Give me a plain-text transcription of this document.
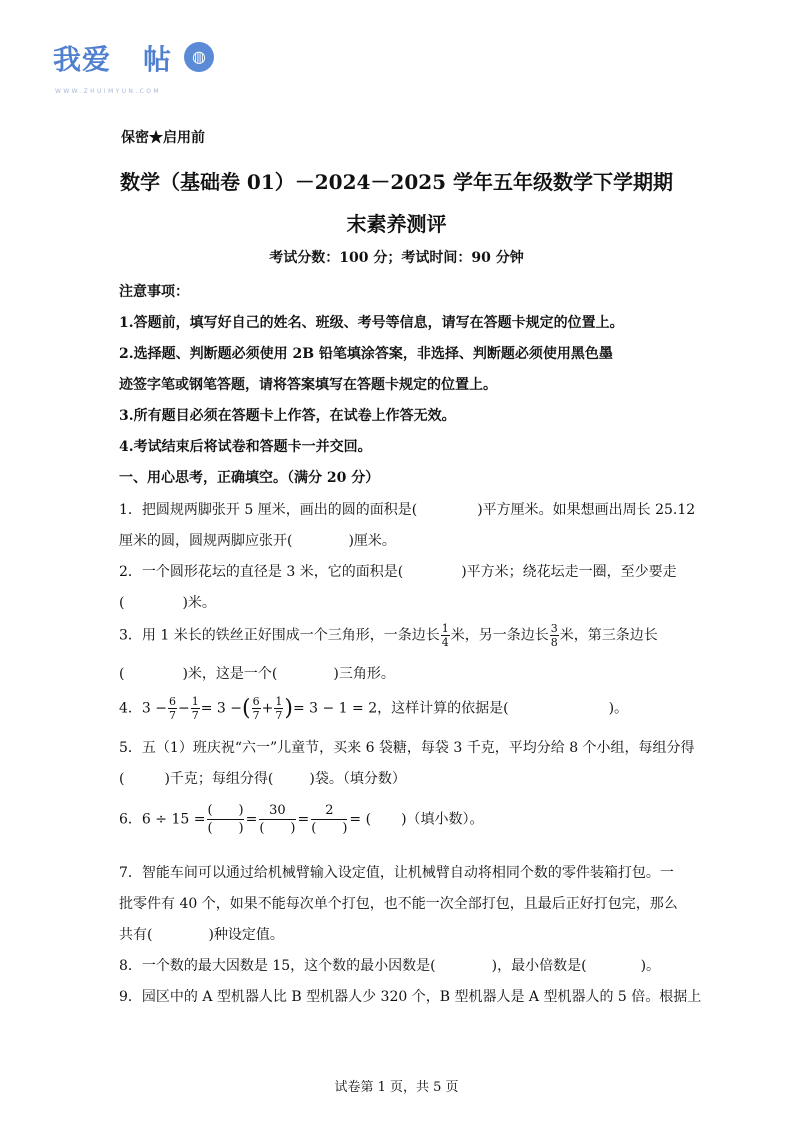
我爱 帖	◍
WWW.ZHUIMYUN.COM
保密★启用前
数学（基础卷 01）－2024－2025 学年五年级数学下学期期
末素养测评
考试分数：100 分；考试时间：90 分钟
注意事项：
1.答题前，填写好自己的姓名、班级、考号等信息，请写在答题卡规定的位置上。
2.选择题、判断题必须使用 2B 铅笔填涂答案，非选择、判断题必须使用黑色墨
迹签字笔或钢笔答题，请将答案填写在答题卡规定的位置上。
3.所有题目必须在答题卡上作答，在试卷上作答无效。
4.考试结束后将试卷和答题卡一并交回。
一、用心思考，正确填空。（满分 20 分）
1．把圆规两脚张开 5 厘米，画出的圆的面积是(	)平方厘米。如果想画出周长 25.12
厘米的圆，圆规两脚应张开(	)厘米。
2．一个圆形花坛的直径是 3 米，它的面积是(	)平方米；绕花坛走一圈，至少要走
(	)米。
3．用 1 米长的铁丝正好围成一个三角形，一条边长 $\frac{1}{4}$ 米，另一条边长 $\frac{3}{8}$ 米，第三条边长
(	)米，这是一个(	)三角形。
4．$3 - \frac{6}{7} - \frac{1}{7} = 3$ −( $\frac{6}{7} + \frac{1}{7}$ )= 3 − 1 = 2，这样计算的依据是(	)。
5．五（1）班庆祝“六一”儿童节，买来 6 袋糖，每袋 3 千克，平均分给 8 个小组，每组分得
(	)千克；每组分得(	)袋。（填分数）
6．$6 \div 15 = \frac{( )}{( )} = \frac{30}{( )} = \frac{2}{( )}$ = ( )（填小数）。
7．智能车间可以通过给机械臂输入设定值，让机械臂自动将相同个数的零件装箱打包。一
批零件有 40 个，如果不能每次单个打包，也不能一次全部打包，且最后正好打包完，那么
共有(	)种设定值。
8．一个数的最大因数是 15，这个数的最小因数是(	)，最小倍数是(	)。
9．园区中的 A 型机器人比 B 型机器人少 320 个，B 型机器人是 A 型机器人的 5 倍。根据上
试卷第 1 页，共 5 页
